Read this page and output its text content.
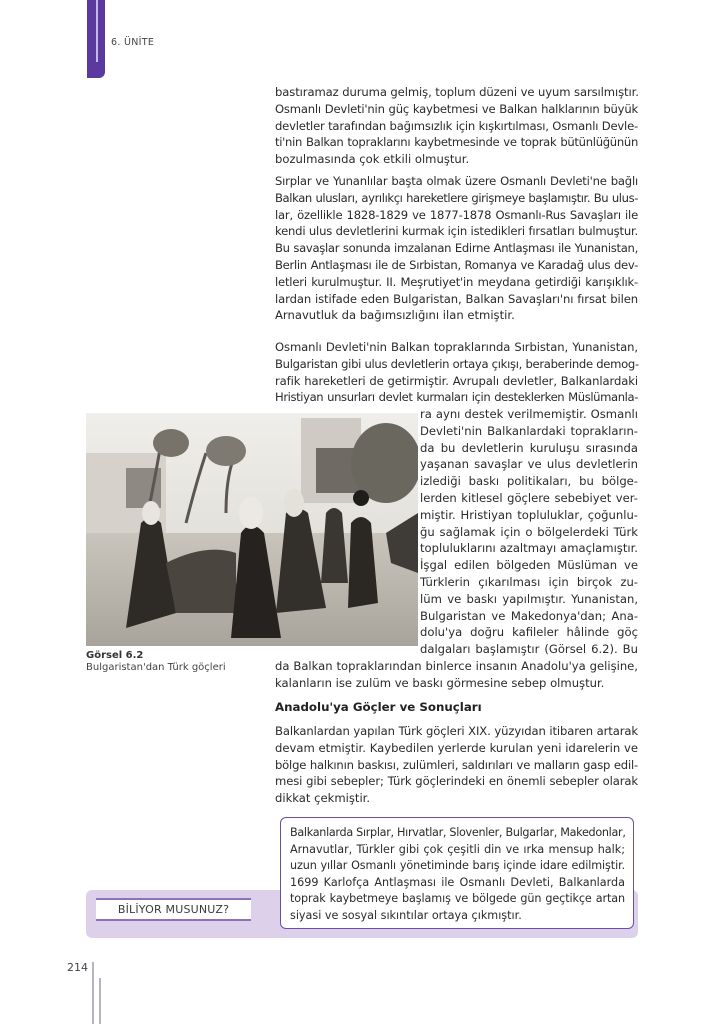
6. ÜNİTE
bastıramaz duruma gelmiş, toplum düzeni ve uyum sarsılmıştır.
Osmanlı Devleti'nin güç kaybetmesi ve Balkan halklarının büyük
devletler tarafından bağımsızlık için kışkırtılması, Osmanlı Devle-
ti'nin Balkan topraklarını kaybetmesinde ve toprak bütünlüğünün
bozulmasında çok etkili olmuştur.
Sırplar ve Yunanlılar başta olmak üzere Osmanlı Devleti'ne bağlı
Balkan ulusları, ayrılıkçı hareketlere girişmeye başlamıştır. Bu ulus-
lar, özellikle 1828-1829 ve 1877-1878 Osmanlı-Rus Savaşları ile
kendi ulus devletlerini kurmak için istedikleri fırsatları bulmuştur.
Bu savaşlar sonunda imzalanan Edirne Antlaşması ile Yunanistan,
Berlin Antlaşması ile de Sırbistan, Romanya ve Karadağ ulus dev-
letleri kurulmuştur. II. Meşrutiyet'in meydana getirdiği karışıklık-
lardan istifade eden Bulgaristan, Balkan Savaşları'nı fırsat bilen
Arnavutluk da bağımsızlığını ilan etmiştir.
Osmanlı Devleti'nin Balkan topraklarında Sırbistan, Yunanistan,
Bulgaristan gibi ulus devletlerin ortaya çıkışı, beraberinde demog-
rafik hareketleri de getirmiştir. Avrupalı devletler, Balkanlardaki
Hristiyan unsurları devlet kurmaları için desteklerken Müslümanla-
ra aynı destek verilmemiştir. Osmanlı
Devleti'nin Balkanlardaki toprakların-
da bu devletlerin kuruluşu sırasında
yaşanan savaşlar ve ulus devletlerin
izlediği baskı politikaları, bu bölge-
lerden kitlesel göçlere sebebiyet ver-
miştir. Hristiyan topluluklar, çoğunlu-
ğu sağlamak için o bölgelerdeki Türk
topluluklarını azaltmayı amaçlamıştır.
İşgal edilen bölgeden Müslüman ve
Türklerin çıkarılması için birçok zu-
lüm ve baskı yapılmıştır. Yunanistan,
Bulgaristan ve Makedonya'dan; Ana-
dolu'ya doğru kafileler hâlinde göç
dalgaları başlamıştır (Görsel 6.2). Bu
da Balkan topraklarından binlerce insanın Anadolu'ya gelişine,
kalanların ise zulüm ve baskı görmesine sebep olmuştur.
Görsel 6.2
Bulgaristan'dan Türk göçleri
Anadolu'ya Göçler ve Sonuçları
Balkanlardan yapılan Türk göçleri XIX. yüzyıdan itibaren artarak
devam etmiştir. Kaybedilen yerlerde kurulan yeni idarelerin ve
bölge halkının baskısı, zulümleri, saldırıları ve malların gasp edil-
mesi gibi sebepler; Türk göçlerindeki en önemli sebepler olarak
dikkat çekmiştir.
BİLİYOR MUSUNUZ?
Balkanlarda Sırplar, Hırvatlar, Slovenler, Bulgarlar, Makedonlar,
Arnavutlar, Türkler gibi çok çeşitli din ve ırka mensup halk;
uzun yıllar Osmanlı yönetiminde barış içinde idare edilmiştir.
1699 Karlofça Antlaşması ile Osmanlı Devleti, Balkanlarda
toprak kaybetmeye başlamış ve bölgede gün geçtikçe artan
siyasi ve sosyal sıkıntılar ortaya çıkmıştır.
214
